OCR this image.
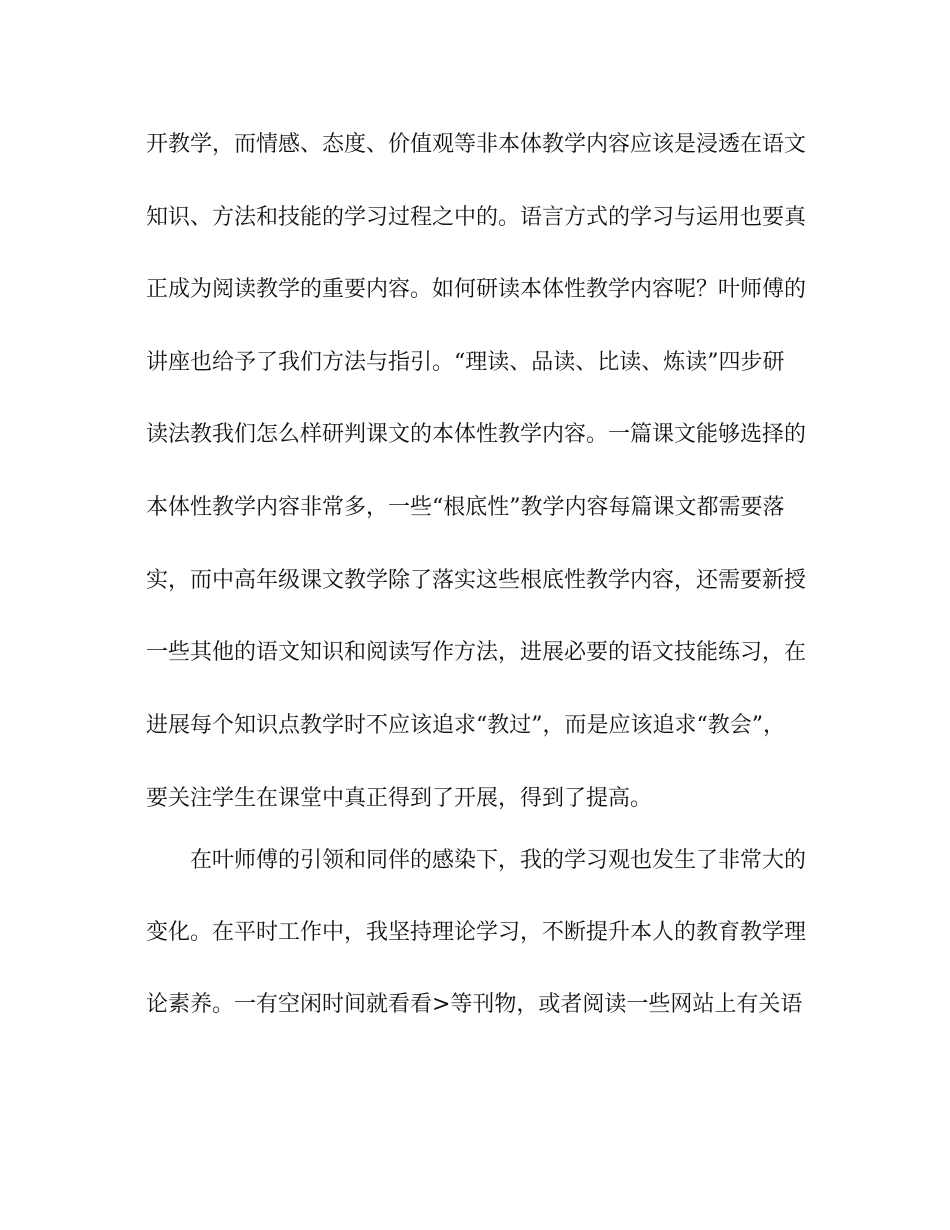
开教学，而情感、态度、价值观等非本体教学内容应该是浸透在语文
知识、方法和技能的学习过程之中的。语言方式的学习与运用也要真
正成为阅读教学的重要内容。如何研读本体性教学内容呢？叶师傅的
讲座也给予了我们方法与指引。“理读、品读、比读、炼读”四步研
读法教我们怎么样研判课文的本体性教学内容。一篇课文能够选择的
本体性教学内容非常多，一些“根底性”教学内容每篇课文都需要落
实，而中高年级课文教学除了落实这些根底性教学内容，还需要新授
一些其他的语文知识和阅读写作方法，进展必要的语文技能练习，在
进展每个知识点教学时不应该追求“教过”，而是应该追求“教会”，
要关注学生在课堂中真正得到了开展，得到了提高。
在叶师傅的引领和同伴的感染下，我的学习观也发生了非常大的
变化。在平时工作中，我坚持理论学习，不断提升本人的教育教学理
论素养。一有空闲时间就看看>等刊物，或者阅读一些网站上有关语
